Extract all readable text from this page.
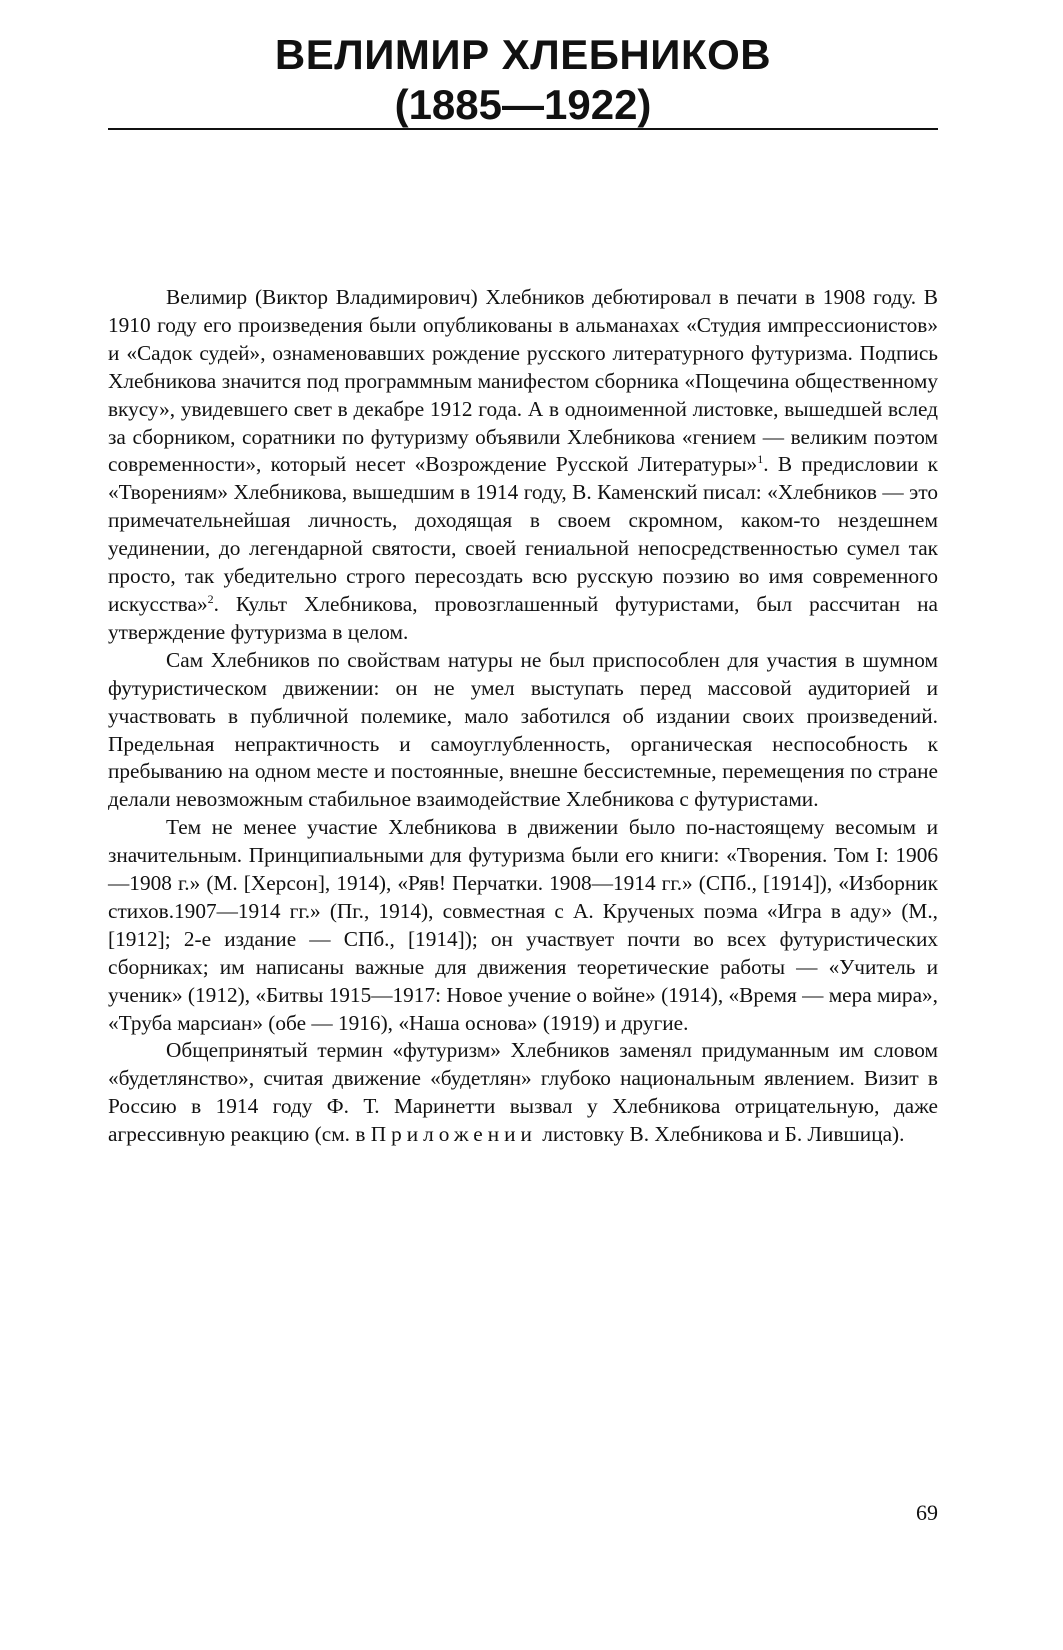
ВЕЛИМИР ХЛЕБНИКОВ
(1885—1922)

Велимир (Виктор Владимирович) Хлебников дебютировал в печати в 1908 году. В 1910 году его произведения были опубликованы в альманахах «Студия импрессионистов» и «Садок судей», ознаменовавших рождение русского литературного футуризма. Подпись Хлебникова значится под программным манифестом сборника «Пощечина общественному вкусу», увидевшего свет в декабре 1912 года. А в одноименной листовке, вышедшей вслед за сборником, соратники по футуризму объявили Хлебникова «гением — великим поэтом современности», который несет «Возрождение Русской Литературы»$^1$. В предисловии к «Творениям» Хлебникова, вышедшим в 1914 году, В. Каменский писал: «Хлебников — это примечательнейшая личность, доходящая в своем скромном, каком-то нездешнем уединении, до легендарной святости, своей гениальной непосредственностью сумел так просто, так убедительно строго пересоздать всю русскую поэзию во имя современного искусства»$^2$. Культ Хлебникова, провозглашенный футуристами, был рассчитан на утверждение футуризма в целом.

Сам Хлебников по свойствам натуры не был приспособлен для участия в шумном футуристическом движении: он не умел выступать перед массовой аудиторией и участвовать в публичной полемике, мало заботился об издании своих произведений. Предельная непрактичность и самоуглубленность, органическая неспособность к пребыванию на одном месте и постоянные, внешне бессистемные, перемещения по стране делали невозможным стабильное взаимодействие Хлебникова с футуристами.

Тем не менее участие Хлебникова в движении было по-настоящему весомым и значительным. Принципиальными для футуризма были его книги: «Творения. Том I: 1906—1908 г.» (М. [Херсон], 1914), «Ряв! Перчатки. 1908—1914 гг.» (СПб., [1914]), «Изборник стихов.1907—1914 гг.» (Пг., 1914), совместная с А. Крученых поэма «Игра в аду» (М., [1912]; 2-е издание — СПб., [1914]); он участвует почти во всех футуристических сборниках; им написаны важные для движения теоретические работы — «Учитель и ученик» (1912), «Битвы 1915—1917: Новое учение о войне» (1914), «Время — мера мира», «Труба марсиан» (обе — 1916), «Наша основа» (1919) и другие.

Общепринятый термин «футуризм» Хлебников заменял придуманным им словом «будетлянство», считая движение «будетлян» глубоко национальным явлением. Визит в Россию в 1914 году Ф. Т. Маринетти вызвал у Хлебникова отрицательную, даже агрессивную реакцию (см. в Приложении листовку В. Хлебникова и Б. Лившица).

69
